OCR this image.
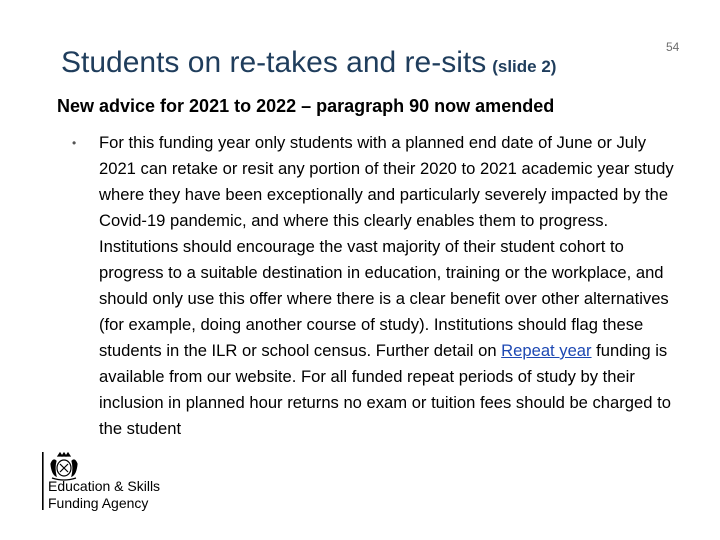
Students on re-takes and re-sits (slide 2)
54
New advice for 2021 to 2022 – paragraph 90 now amended
• For this funding year only students with a planned end date of June or July 2021 can retake or resit any portion of their 2020 to 2021 academic year study where they have been exceptionally and particularly severely impacted by the Covid-19 pandemic, and where this clearly enables them to progress. Institutions should encourage the vast majority of their student cohort to progress to a suitable destination in education, training or the workplace, and should only use this offer where there is a clear benefit over other alternatives (for example, doing another course of study). Institutions should flag these students in the ILR or school census. Further detail on Repeat year funding is available from our website. For all funded repeat periods of study by their inclusion in planned hour returns no exam or tuition fees should be charged to the student
Education & Skills
Funding Agency
